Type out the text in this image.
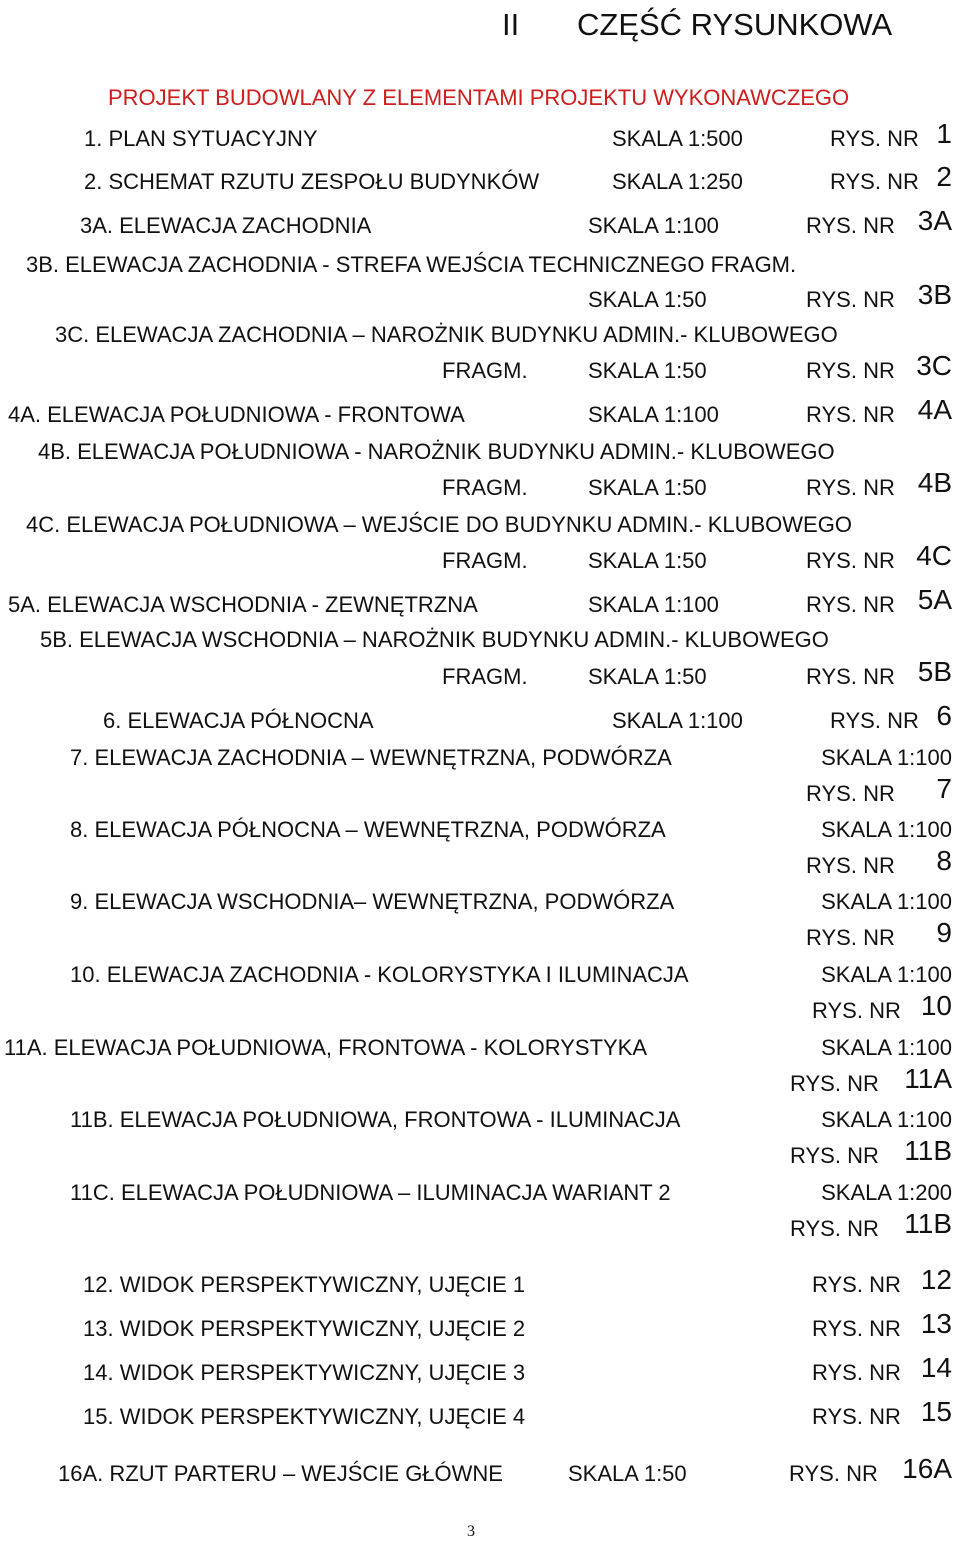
II CZĘŚĆ RYSUNKOWA
PROJEKT BUDOWLANY Z ELEMENTAMI PROJEKTU WYKONAWCZEGO
1. PLAN SYTUACYJNY	SKALA 1:500	RYS. NR 1
2. SCHEMAT RZUTU ZESPOŁU BUDYNKÓW	SKALA 1:250	RYS. NR 2
3A. ELEWACJA ZACHODNIA	SKALA 1:100	RYS. NR 3A
3B. ELEWACJA ZACHODNIA - STREFA WEJŚCIA TECHNICZNEGO FRAGM.
SKALA 1:50	RYS. NR 3B
3C. ELEWACJA ZACHODNIA – NAROŻNIK BUDYNKU ADMIN.- KLUBOWEGO
FRAGM.	SKALA 1:50	RYS. NR 3C
4A. ELEWACJA POŁUDNIOWA - FRONTOWA	SKALA 1:100	RYS. NR 4A
4B. ELEWACJA POŁUDNIOWA - NAROŻNIK BUDYNKU ADMIN.- KLUBOWEGO
FRAGM.	SKALA 1:50	RYS. NR 4B
4C. ELEWACJA POŁUDNIOWA – WEJŚCIE DO BUDYNKU ADMIN.- KLUBOWEGO
FRAGM.	SKALA 1:50	RYS. NR 4C
5A. ELEWACJA WSCHODNIA - ZEWNĘTRZNA	SKALA 1:100	RYS. NR 5A
5B. ELEWACJA WSCHODNIA – NAROŻNIK BUDYNKU ADMIN.- KLUBOWEGO
FRAGM.	SKALA 1:50	RYS. NR 5B
6. ELEWACJA PÓŁNOCNA	SKALA 1:100	RYS. NR 6
7. ELEWACJA ZACHODNIA – WEWNĘTRZNA, PODWÓRZA	SKALA 1:100
RYS. NR 7
8. ELEWACJA PÓŁNOCNA – WEWNĘTRZNA, PODWÓRZA	SKALA 1:100
RYS. NR 8
9. ELEWACJA WSCHODNIA– WEWNĘTRZNA, PODWÓRZA	SKALA 1:100
RYS. NR 9
10. ELEWACJA ZACHODNIA - KOLORYSTYKA I ILUMINACJA	SKALA 1:100
RYS. NR 10
11A. ELEWACJA POŁUDNIOWA, FRONTOWA - KOLORYSTYKA	SKALA 1:100
RYS. NR 11A
11B. ELEWACJA POŁUDNIOWA, FRONTOWA - ILUMINACJA	SKALA 1:100
RYS. NR 11B
11C. ELEWACJA POŁUDNIOWA – ILUMINACJA WARIANT 2	SKALA 1:200
RYS. NR 11B
12. WIDOK PERSPEKTYWICZNY, UJĘCIE 1	RYS. NR 12
13. WIDOK PERSPEKTYWICZNY, UJĘCIE 2	RYS. NR 13
14. WIDOK PERSPEKTYWICZNY, UJĘCIE 3	RYS. NR 14
15. WIDOK PERSPEKTYWICZNY, UJĘCIE 4	RYS. NR 15
16A. RZUT PARTERU – WEJŚCIE GŁÓWNE	SKALA 1:50	RYS. NR 16A
3
